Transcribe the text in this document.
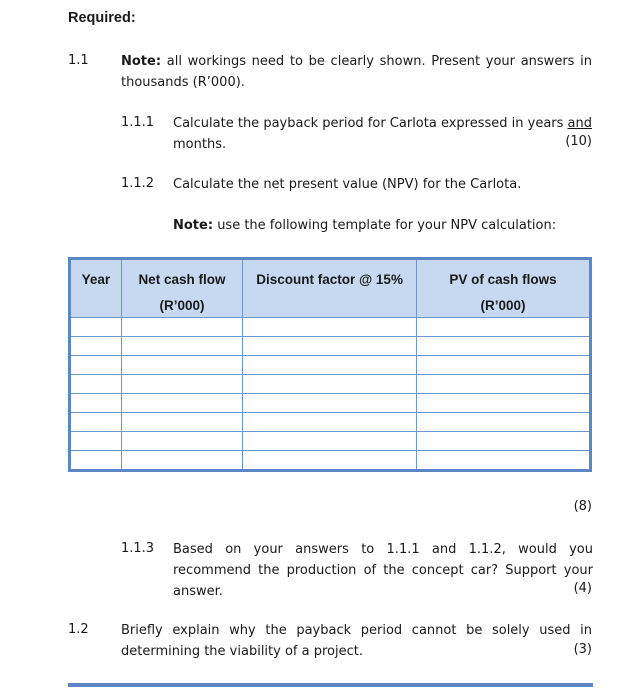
Required:
1.1 Note: all workings need to be clearly shown. Present your answers in thousands (R’000).
1.1.1 Calculate the payback period for Carlota expressed in years and
months.	(10)
1.1.2 Calculate the net present value (NPV) for the Carlota.
Note: use the following template for your NPV calculation:
Year	Net cash flow	Discount factor @ 15%	PV of cash flows
	(R’000)		(R’000)

(8)
1.1.3 Based on your answers to 1.1.1 and 1.1.2, would you recommend the production of the concept car? Support your answer.	(4)
1.2 Briefly explain why the payback period cannot be solely used in determining the viability of a project.	(3)
